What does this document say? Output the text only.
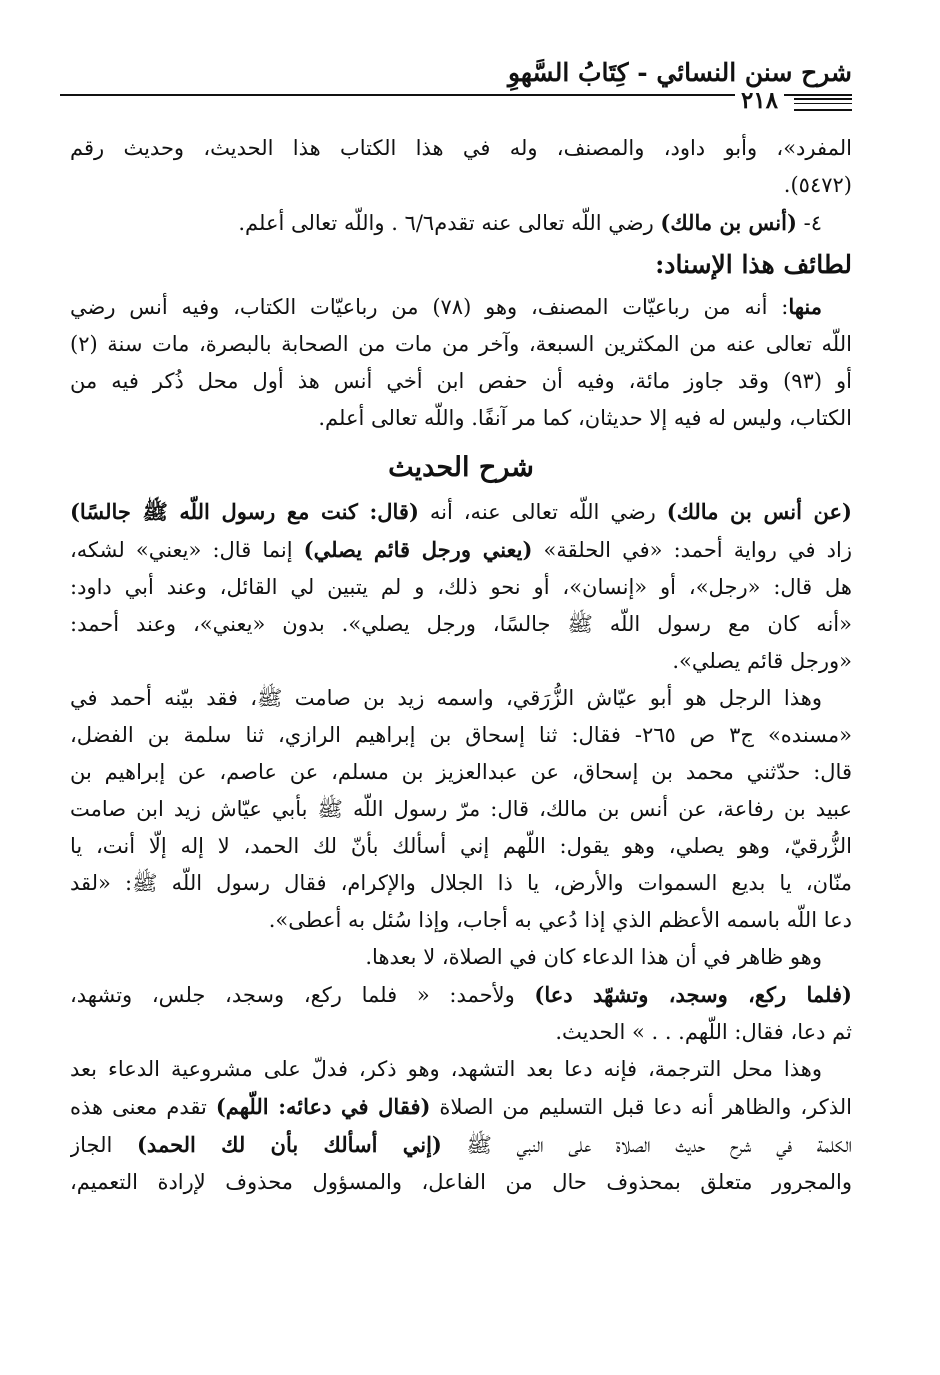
شرح سنن النسائي - كِتَابُ السَّهوِ
٢١٨
المفرد»، وأبو داود، والمصنف، وله في هذا الكتاب هذا الحديث، وحديث رقم
(٥٤٧٢).
٤- (أنس بن مالك) رضي اللّه تعالى عنه تقدم٦/٦ . واللّه تعالى أعلم.
لطائف هذا الإسناد:
منها: أنه من رباعيّات المصنف، وهو (٧٨) من رباعيّات الكتاب، وفيه أنس رضي
اللّه تعالى عنه من المكثرين السبعة، وآخر من مات من الصحابة بالبصرة، مات سنة (٢)
أو (٩٣) وقد جاوز مائة، وفيه أن حفص ابن أخي أنس هذ أول محل ذُكر فيه من
الكتاب، وليس له فيه إلا حديثان، كما مر آنفًا. واللّه تعالى أعلم.
شرح الحديث
(عن أنس بن مالك) رضي اللّه تعالى عنه، أنه (قال: كنت مع رسول اللّه ﷺ جالسًا)
زاد في رواية أحمد: «في الحلقة» (يعني ورجل قائم يصلي) إنما قال: «يعني» لشكه،
هل قال: «رجل»، أو «إنسان»، أو نحو ذلك، و لم يتبين لي القائل، وعند أبي داود:
«أنه كان مع رسول اللّه ﷺ جالسًا، ورجل يصلي». بدون «يعني»، وعند أحمد:
«ورجل قائم يصلي».
وهذا الرجل هو أبو عيّاش الزُّرَقي، واسمه زيد بن صامت ﷺ، فقد بيّنه أحمد في
«مسنده» ج٣ ص ٢٦٥- فقال: ثنا إسحاق بن إبراهيم الرازي، ثنا سلمة بن الفضل،
قال: حدّثني محمد بن إسحاق، عن عبدالعزيز بن مسلم، عن عاصم، عن إبراهيم بن
عبيد بن رفاعة، عن أنس بن مالك، قال: مرّ رسول اللّه ﷺ بأبي عيّاش زيد ابن صامت
الزُّرقيّ، وهو يصلي، وهو يقول: اللّهم إني أسألك بأنّ لك الحمد، لا إله إلّا أنت، يا
منّان، يا بديع السموات والأرض، يا ذا الجلال والإكرام، فقال رسول اللّه ﷺ: «لقد
دعا اللّه باسمه الأعظم الذي إذا دُعي به أجاب، وإذا سُئل به أعطى».
وهو ظاهر في أن هذا الدعاء كان في الصلاة، لا بعدها.
(فلما ركع، وسجد، وتشهّد دعا) ولأحمد: « فلما ركع، وسجد، جلس، وتشهد،
ثم دعا، فقال: اللّهم. . . » الحديث.
وهذا محل الترجمة، فإنه دعا بعد التشهد، وهو ذكر، فدلّ على مشروعية الدعاء بعد
الذكر، والظاهر أنه دعا قبل التسليم من الصلاة (فقال في دعائه: اللّهم) تقدم معنى هذه
الكلمة في شرح حديث الصلاة على النبي ﷺ (إني أسألك بأن لك الحمد) الجاز
والمجرور متعلق بمحذوف حال من الفاعل، والمسؤول محذوف لإرادة التعميم،
